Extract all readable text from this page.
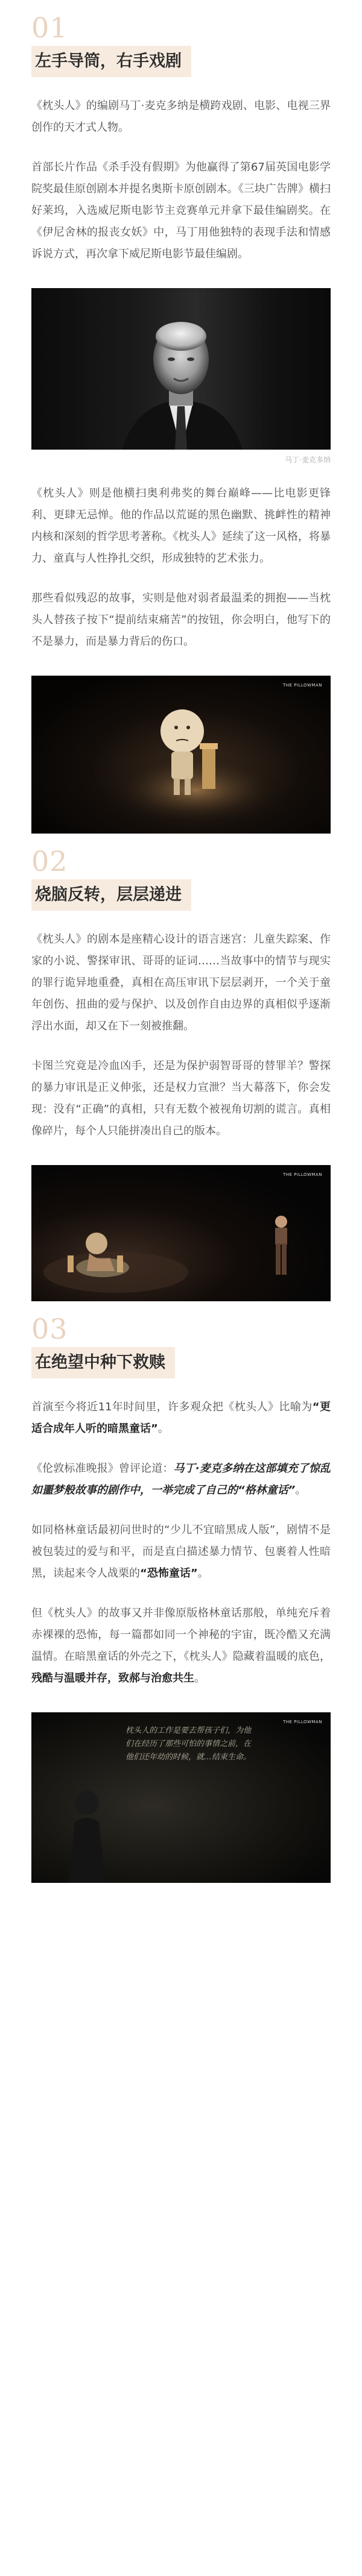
01
左手导筒，右手戏剧

《枕头人》的编剧马丁·麦克多纳是横跨戏剧、电影、电视三界创作的天才式人物。

首部长片作品《杀手没有假期》为他赢得了第67届英国电影学院奖最佳原创剧本并提名奥斯卡原创剧本。《三块广告牌》横扫好莱坞，入选威尼斯电影节主竞赛单元并拿下最佳编剧奖。在《伊尼舍林的报丧女妖》中，马丁用他独特的表现手法和情感诉说方式，再次拿下威尼斯电影节最佳编剧。

马丁·麦克多纳

《枕头人》则是他横扫奥利弗奖的舞台巅峰——比电影更锋利、更肆无忌惮。他的作品以荒诞的黑色幽默、挑衅性的精神内核和深刻的哲学思考著称。《枕头人》延续了这一风格，将暴力、童真与人性挣扎交织，形成独特的艺术张力。

那些看似残忍的故事，实则是他对弱者最温柔的拥抱——当枕头人替孩子按下“提前结束痛苦”的按钮，你会明白，他写下的不是暴力，而是暴力背后的伤口。

THE PILLOWMAN
02
烧脑反转，层层递进

《枕头人》的剧本是座精心设计的语言迷宫：儿童失踪案、作家的小说、警探审讯、哥哥的证词……当故事中的情节与现实的罪行诡异地重叠，真相在高压审讯下层层剥开，一个关于童年创伤、扭曲的爱与保护、以及创作自由边界的真相似乎逐渐浮出水面，却又在下一刻被推翻。

卡图兰究竟是冷血凶手，还是为保护弱智哥哥的替罪羊？警探的暴力审讯是正义伸张，还是权力宣泄？当大幕落下，你会发现：没有“正确”的真相，只有无数个被视角切割的谎言。真相像碎片，每个人只能拼凑出自己的版本。

THE PILLOWMAN
03
在绝望中种下救赎

首演至今将近11年时间里，许多观众把《枕头人》比喻为“更适合成年人听的暗黑童话”。

《伦敦标准晚报》曾评论道：马丁·麦克多纳在这部填充了惊乱如噩梦般故事的剧作中，一举完成了自己的“格林童话”。

如同格林童话最初问世时的“少儿不宜暗黑成人版”，剧情不是被包装过的爱与和平，而是直白描述暴力情节、包裹着人性暗黑，读起来令人战栗的“恐怖童话”。

但《枕头人》的故事又并非像原版格林童话那般，单纯充斥着赤裸裸的恐怖，每一篇都如同一个神秘的宇宙，既冷酷又充满温情。在暗黑童话的外壳之下，《枕头人》隐藏着温暖的底色，残酷与温暖并存，致郝与治愈共生。

THE PILLOWMAN
枕头人的工作是要去帮孩子们，为他们在经历了那些可怕的事情之前，在他们还年幼的时候，就…结束生命。
